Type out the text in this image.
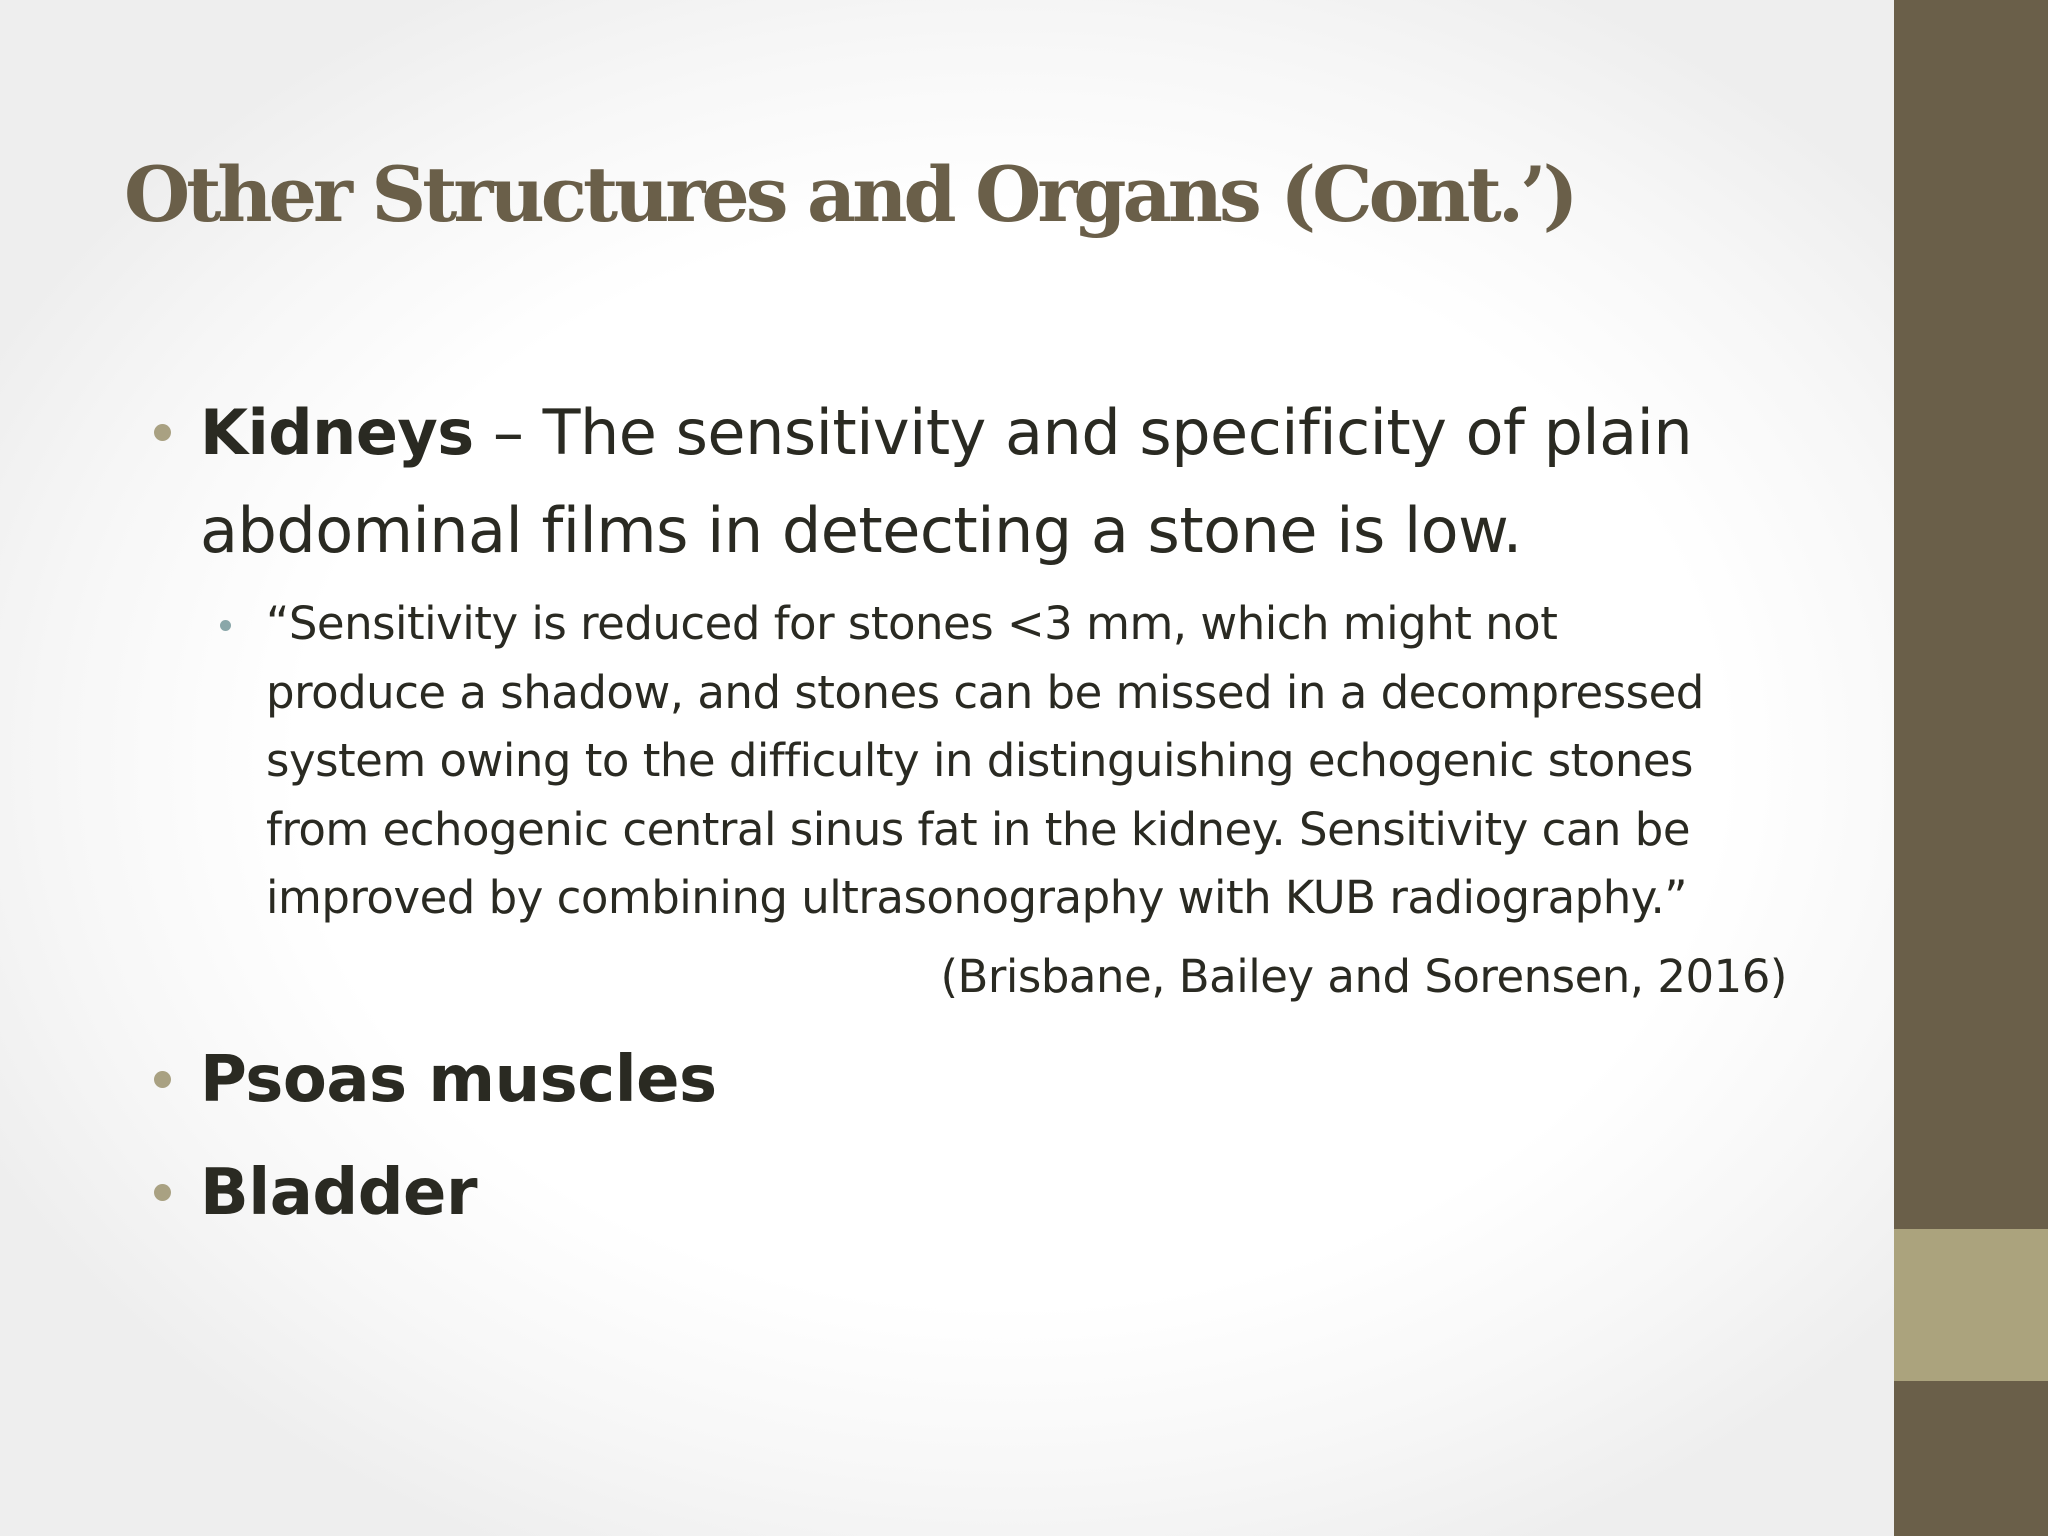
Other Structures and Organs (Cont.’)
Kidneys – The sensitivity and specificity of plain abdominal films in detecting a stone is low.
“Sensitivity is reduced for stones <3 mm, which might not
produce a shadow, and stones can be missed in a decompressed
system owing to the difficulty in distinguishing echogenic stones
from echogenic central sinus fat in the kidney. Sensitivity can be
improved by combining ultrasonography with KUB radiography.”
(Brisbane, Bailey and Sorensen, 2016)
Psoas muscles
Bladder
